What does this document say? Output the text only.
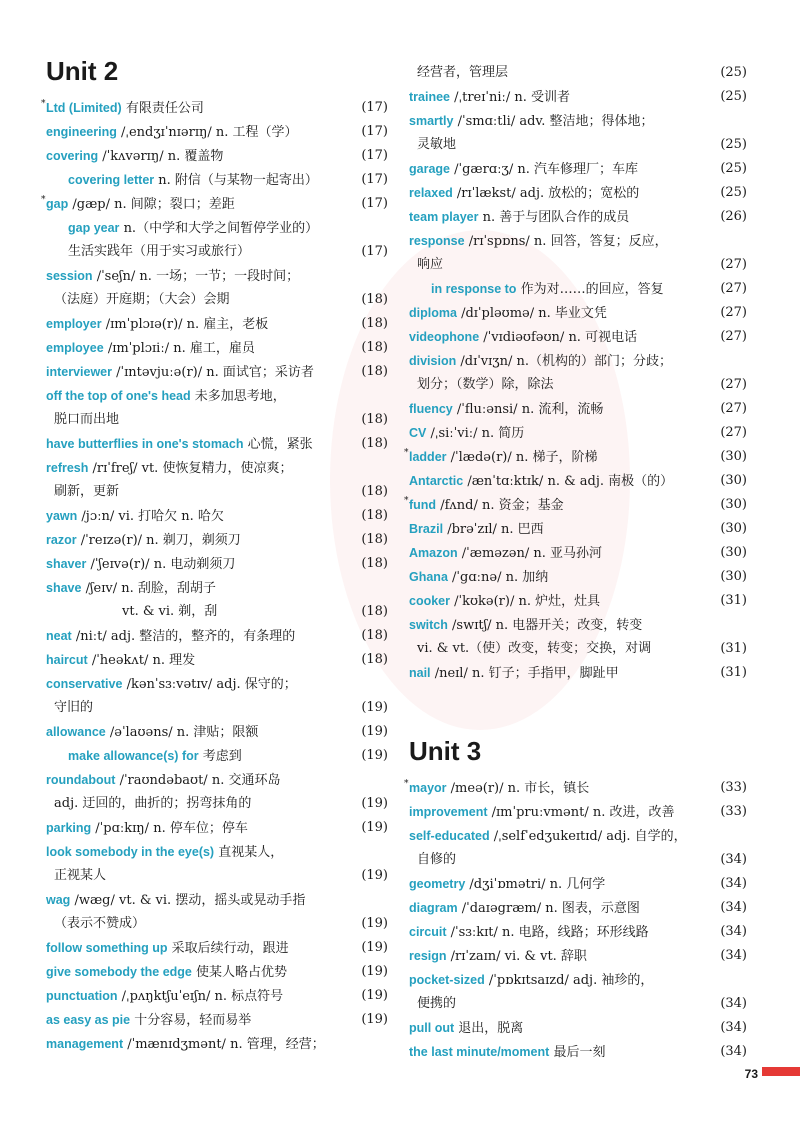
Unit 2
* Ltd (Limited) 有限责任公司	(17)
engineering /ˌendʒɪˈnɪərɪŋ/ n. 工程（学）	(17)
covering /ˈkʌvərɪŋ/ n. 覆盖物	(17)
covering letter n. 附信（与某物一起寄出）	(17)
* gap /gæp/ n. 间隙；裂口；差距	(17)
gap year n.（中学和大学之间暂停学业的）
生活实践年（用于实习或旅行）	(17)
session /ˈseʃn/ n. 一场；一节；一段时间；
（法庭）开庭期；（大会）会期	(18)
employer /ɪmˈplɔɪə(r)/ n. 雇主，老板	(18)
employee /ɪmˈplɔɪiː/ n. 雇工，雇员	(18)
interviewer /ˈɪntəvjuːə(r)/ n. 面试官；采访者	(18)
off the top of one's head 未多加思考地，
脱口而出地	(18)
have butterflies in one's stomach 心慌，紧张	(18)
refresh /rɪˈfreʃ/ vt. 使恢复精力，使凉爽；
刷新，更新	(18)
yawn /jɔːn/ vi. 打哈欠 n. 哈欠	(18)
razor /ˈreɪzə(r)/ n. 剃刀，剃须刀	(18)
shaver /ˈʃeɪvə(r)/ n. 电动剃须刀	(18)
shave /ʃeɪv/ n. 刮脸，刮胡子
vt. & vi. 剃，刮	(18)
neat /niːt/ adj. 整洁的，整齐的，有条理的	(18)
haircut /ˈheəkʌt/ n. 理发	(18)
conservative /kənˈsɜːvətɪv/ adj. 保守的；
守旧的	(19)
allowance /əˈlaʊəns/ n. 津贴；限额	(19)
make allowance(s) for 考虑到	(19)
roundabout /ˈraʊndəbaʊt/ n. 交通环岛
adj. 迂回的，曲折的；拐弯抹角的	(19)
parking /ˈpɑːkɪŋ/ n. 停车位；停车	(19)
look somebody in the eye(s) 直视某人，
正视某人	(19)
wag /wæg/ vt. & vi. 摆动，摇头或晃动手指
（表示不赞成）	(19)
follow something up 采取后续行动，跟进	(19)
give somebody the edge 使某人略占优势	(19)
punctuation /ˌpʌŋktʃuˈeɪʃn/ n. 标点符号	(19)
as easy as pie 十分容易，轻而易举	(19)
management /ˈmænɪdʒmənt/ n. 管理，经营；
经营者，管理层	(25)
trainee /ˌtreɪˈniː/ n. 受训者	(25)
smartly /ˈsmɑːtli/ adv. 整洁地；得体地；
灵敏地	(25)
garage /ˈgærɑːʒ/ n. 汽车修理厂；车库	(25)
relaxed /rɪˈlækst/ adj. 放松的；宽松的	(25)
team player n. 善于与团队合作的成员	(26)
response /rɪˈspɒns/ n. 回答，答复；反应，
响应	(27)
in response to 作为对……的回应，答复	(27)
diploma /dɪˈpləʊmə/ n. 毕业文凭	(27)
videophone /ˈvɪdiəʊfəʊn/ n. 可视电话	(27)
division /dɪˈvɪʒn/ n.（机构的）部门；分歧；
划分；（数学）除，除法	(27)
fluency /ˈfluːənsi/ n. 流利，流畅	(27)
CV /ˌsiːˈviː/ n. 简历	(27)
* ladder /ˈlædə(r)/ n. 梯子，阶梯	(30)
Antarctic /ænˈtɑːktɪk/ n. & adj. 南极（的）	(30)
* fund /fʌnd/ n. 资金；基金	(30)
Brazil /brəˈzɪl/ n. 巴西	(30)
Amazon /ˈæməzən/ n. 亚马孙河	(30)
Ghana /ˈgɑːnə/ n. 加纳	(30)
cooker /ˈkʊkə(r)/ n. 炉灶，灶具	(31)
switch /swɪtʃ/ n. 电器开关；改变，转变
vi. & vt.（使）改变，转变；交换，对调	(31)
nail /neɪl/ n. 钉子；手指甲，脚趾甲	(31)
Unit 3
* mayor /meə(r)/ n. 市长，镇长	(33)
improvement /ɪmˈpruːvmənt/ n. 改进，改善	(33)
self-educated /ˌselfˈedʒukeɪtɪd/ adj. 自学的，
自修的	(34)
geometry /dʒiˈɒmətri/ n. 几何学	(34)
diagram /ˈdaɪəgræm/ n. 图表，示意图	(34)
circuit /ˈsɜːkɪt/ n. 电路，线路；环形线路	(34)
resign /rɪˈzaɪn/ vi. & vt. 辞职	(34)
pocket-sized /ˈpɒkɪtsaɪzd/ adj. 袖珍的，
便携的	(34)
pull out 退出，脱离	(34)
the last minute/moment 最后一刻	(34)
73
